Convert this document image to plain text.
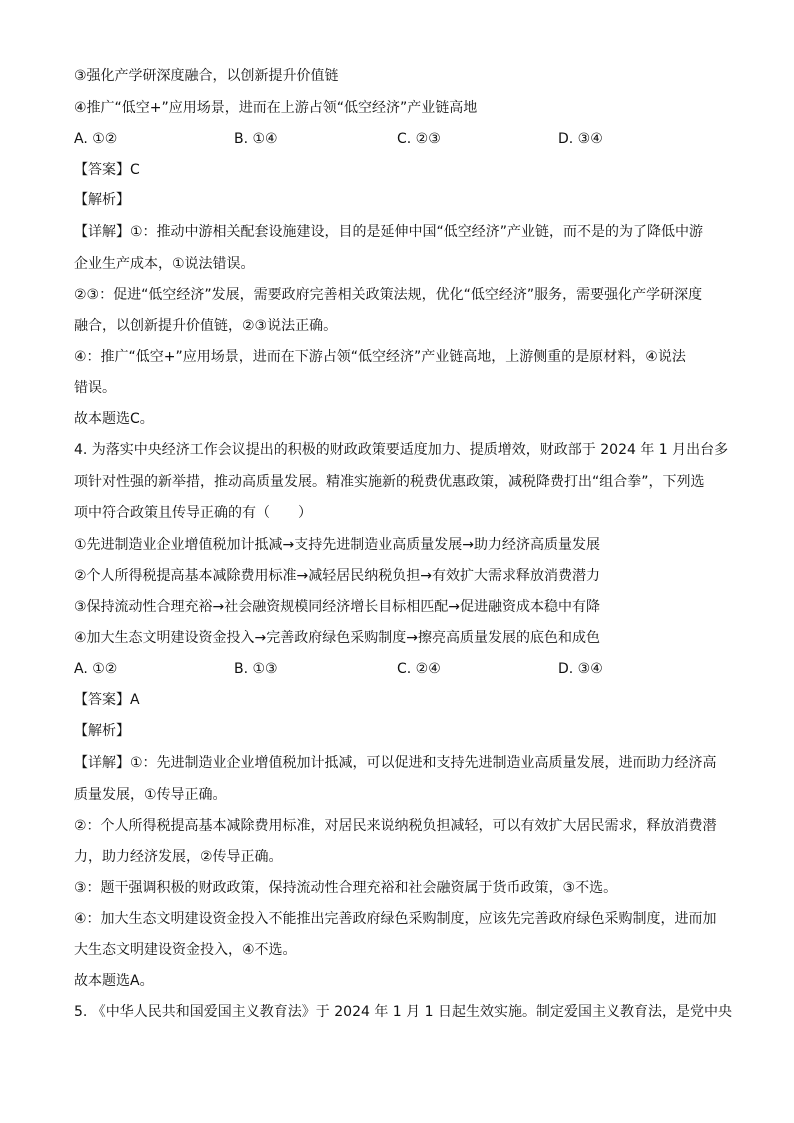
③强化产学研深度融合，以创新提升价值链
④推广“低空+”应用场景，进而在上游占领“低空经济”产业链高地
A. ①②	B. ①④	C. ②③	D. ③④
【答案】C
【解析】
【详解】①：推动中游相关配套设施建设，目的是延伸中国“低空经济”产业链，而不是的为了降低中游
企业生产成本，①说法错误。
②③：促进“低空经济”发展，需要政府完善相关政策法规，优化“低空经济”服务，需要强化产学研深度
融合，以创新提升价值链，②③说法正确。
④：推广“低空+”应用场景，进而在下游占领“低空经济”产业链高地，上游侧重的是原材料，④说法
错误。
故本题选C。
4. 为落实中央经济工作会议提出的积极的财政政策要适度加力、提质增效，财政部于 2024 年 1 月出台多
项针对性强的新举措，推动高质量发展。精准实施新的税费优惠政策，减税降费打出“组合拳”，下列选
项中符合政策且传导正确的有（　　）
①先进制造业企业增值税加计抵减→支持先进制造业高质量发展→助力经济高质量发展
②个人所得税提高基本减除费用标准→减轻居民纳税负担→有效扩大需求释放消费潜力
③保持流动性合理充裕→社会融资规模同经济增长目标相匹配→促进融资成本稳中有降
④加大生态文明建设资金投入→完善政府绿色采购制度→擦亮高质量发展的底色和成色
A. ①②	B. ①③	C. ②④	D. ③④
【答案】A
【解析】
【详解】①：先进制造业企业增值税加计抵减，可以促进和支持先进制造业高质量发展，进而助力经济高
质量发展，①传导正确。
②：个人所得税提高基本减除费用标准，对居民来说纳税负担减轻，可以有效扩大居民需求，释放消费潜
力，助力经济发展，②传导正确。
③：题干强调积极的财政政策，保持流动性合理充裕和社会融资属于货币政策，③不选。
④：加大生态文明建设资金投入不能推出完善政府绿色采购制度，应该先完善政府绿色采购制度，进而加
大生态文明建设资金投入，④不选。
故本题选A。
5. 《中华人民共和国爱国主义教育法》于 2024 年 1 月 1 日起生效实施。制定爱国主义教育法，是党中央
